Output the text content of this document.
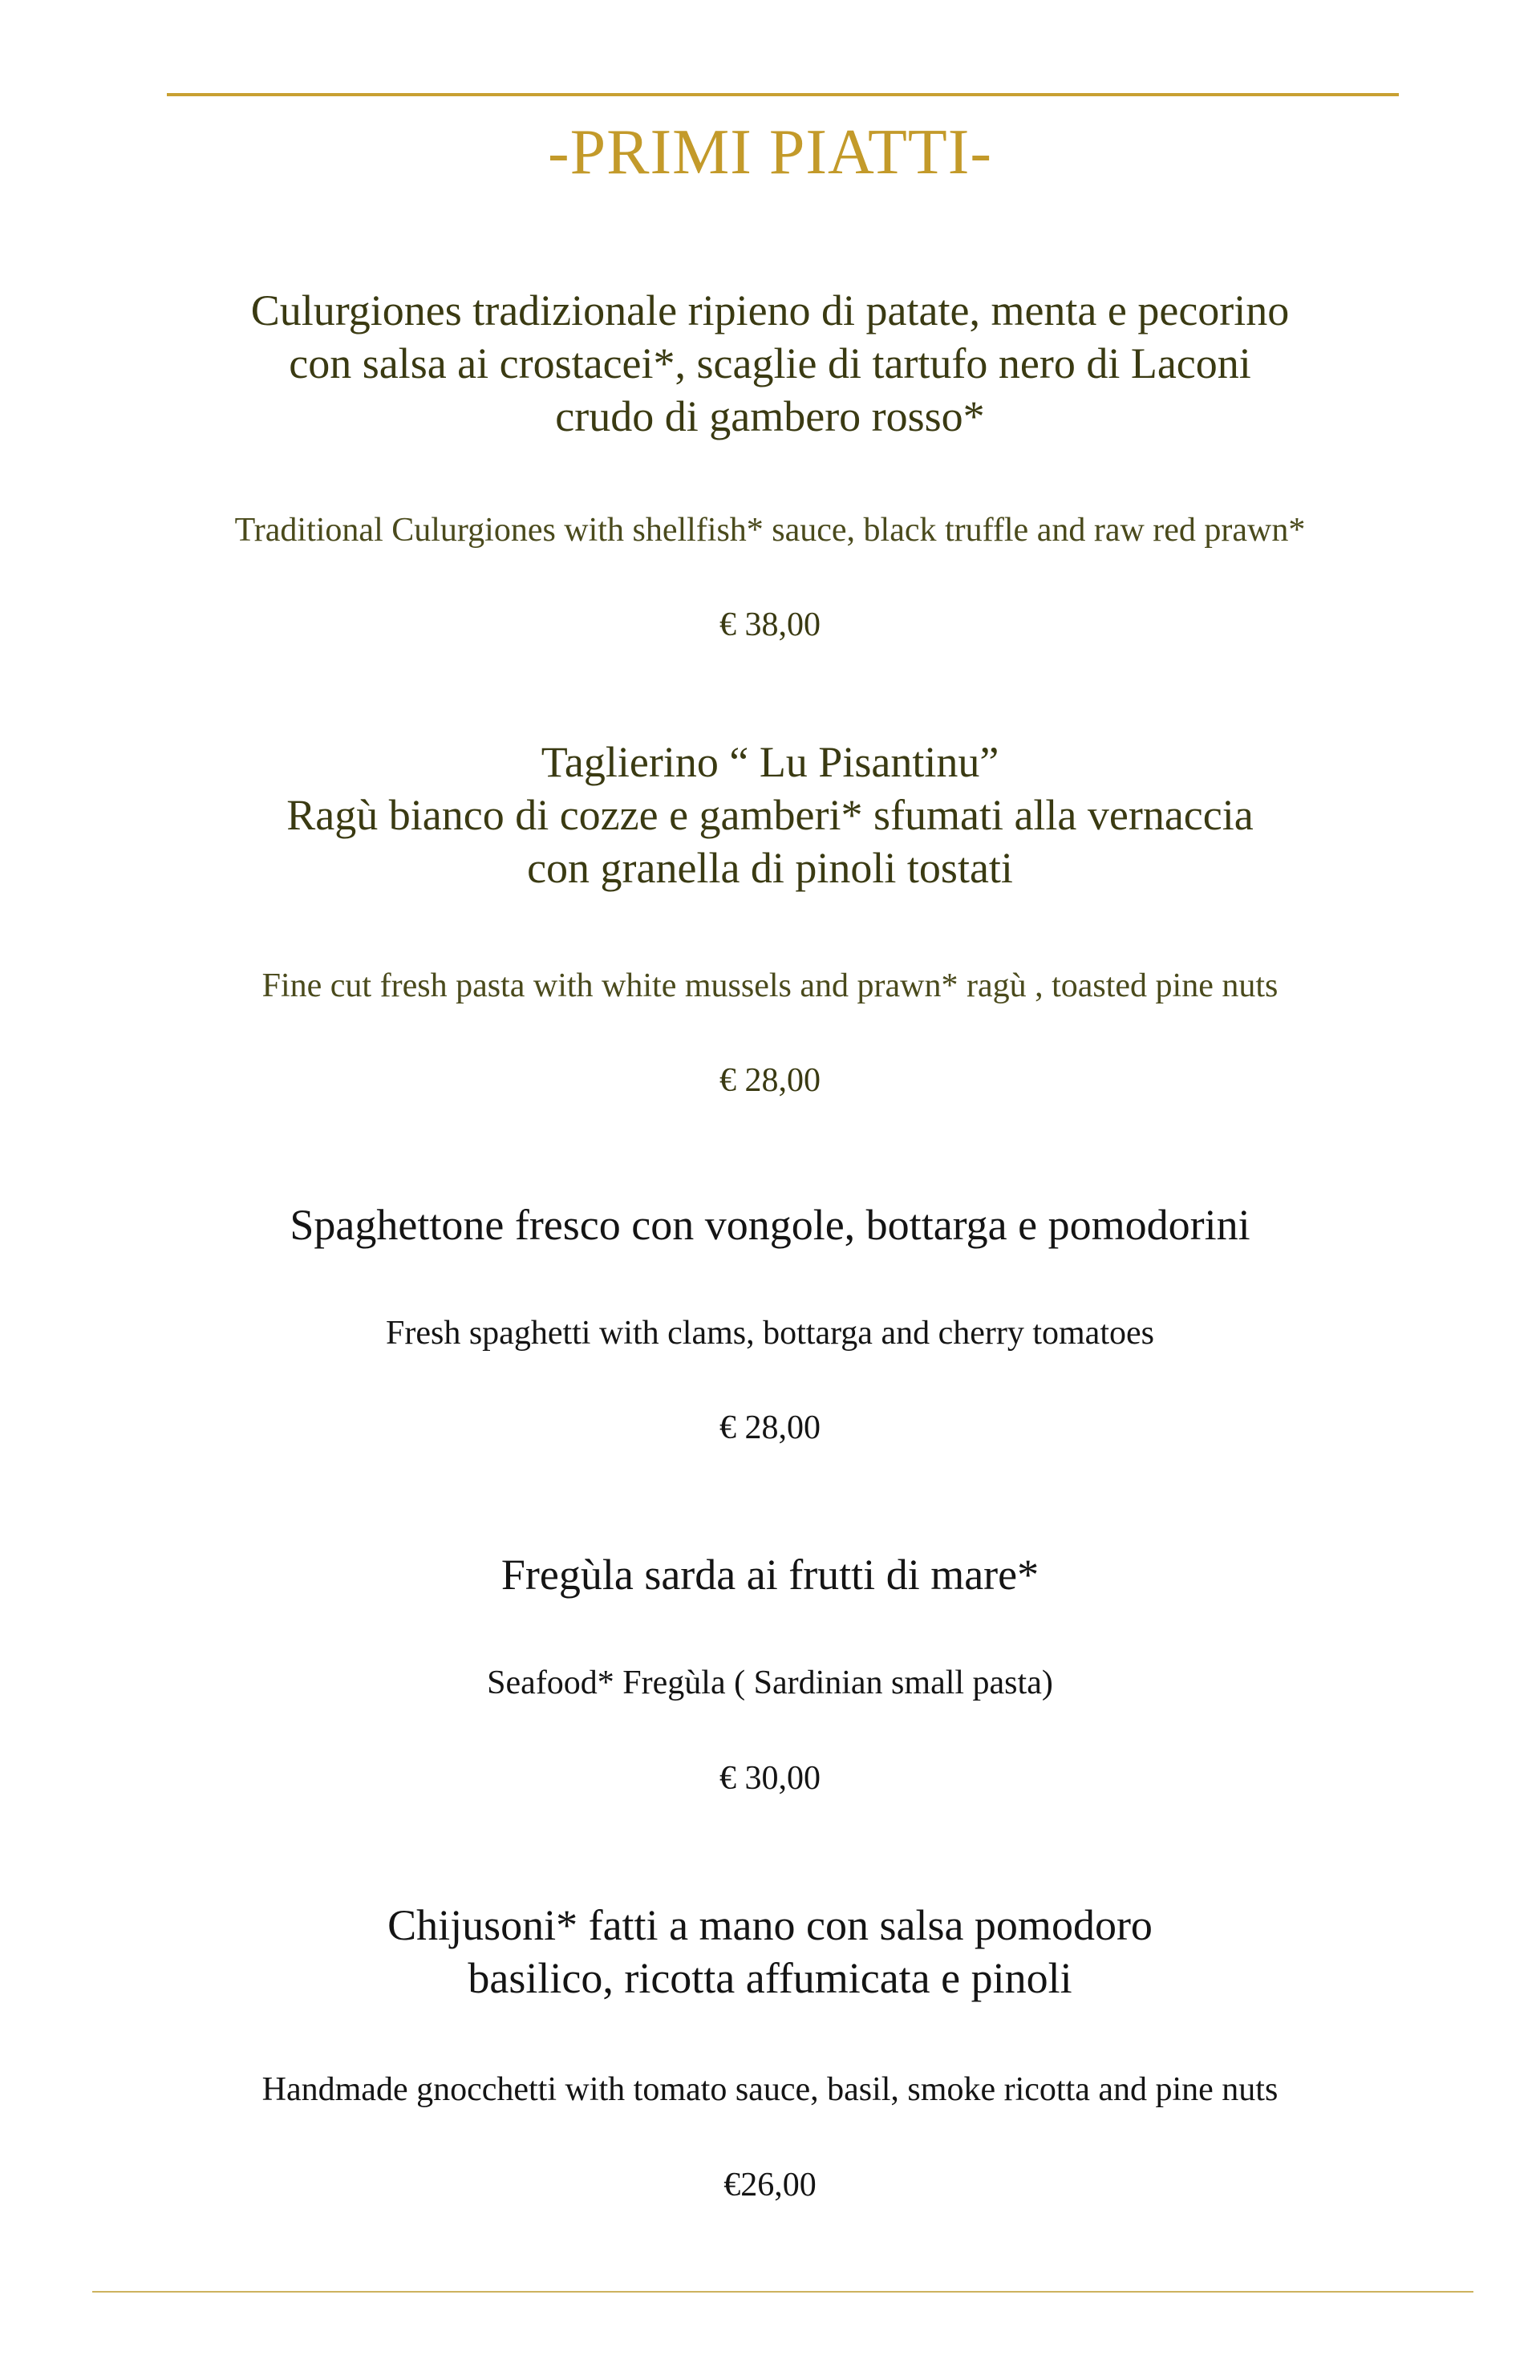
-PRIMI PIATTI-
Culurgiones tradizionale ripieno di patate, menta e pecorino
con salsa ai crostacei*, scaglie di tartufo nero di Laconi
crudo di gambero rosso*
Traditional Culurgiones with shellfish* sauce, black truffle and raw red prawn*
€ 38,00
Taglierino “ Lu Pisantinu”
Ragù bianco di cozze e gamberi* sfumati alla vernaccia
con granella di pinoli tostati
Fine cut fresh pasta with white mussels and prawn* ragù , toasted pine nuts
€ 28,00
Spaghettone fresco con vongole, bottarga e pomodorini
Fresh spaghetti with clams, bottarga and cherry tomatoes
€ 28,00
Fregùla sarda ai frutti di mare*
Seafood* Fregùla ( Sardinian small pasta)
€ 30,00
Chijusoni* fatti a mano con salsa pomodoro
basilico, ricotta affumicata e pinoli
Handmade gnocchetti with tomato sauce, basil, smoke ricotta and pine nuts
€26,00
